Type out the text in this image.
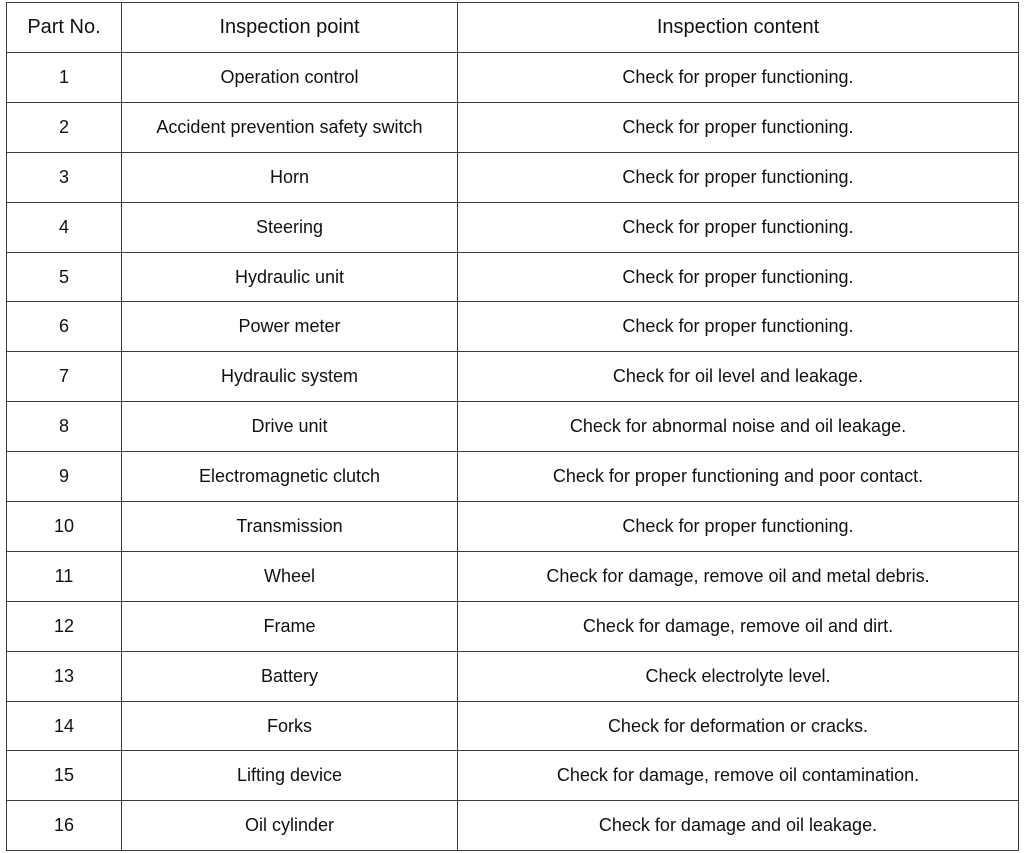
Part No.	Inspection point	Inspection content
1	Operation control	Check for proper functioning.
2	Accident prevention safety switch	Check for proper functioning.
3	Horn	Check for proper functioning.
4	Steering	Check for proper functioning.
5	Hydraulic unit	Check for proper functioning.
6	Power meter	Check for proper functioning.
7	Hydraulic system	Check for oil level and leakage.
8	Drive unit	Check for abnormal noise and oil leakage.
9	Electromagnetic clutch	Check for proper functioning and poor contact.
10	Transmission	Check for proper functioning.
11	Wheel	Check for damage, remove oil and metal debris.
12	Frame	Check for damage, remove oil and dirt.
13	Battery	Check electrolyte level.
14	Forks	Check for deformation or cracks.
15	Lifting device	Check for damage, remove oil contamination.
16	Oil cylinder	Check for damage and oil leakage.
